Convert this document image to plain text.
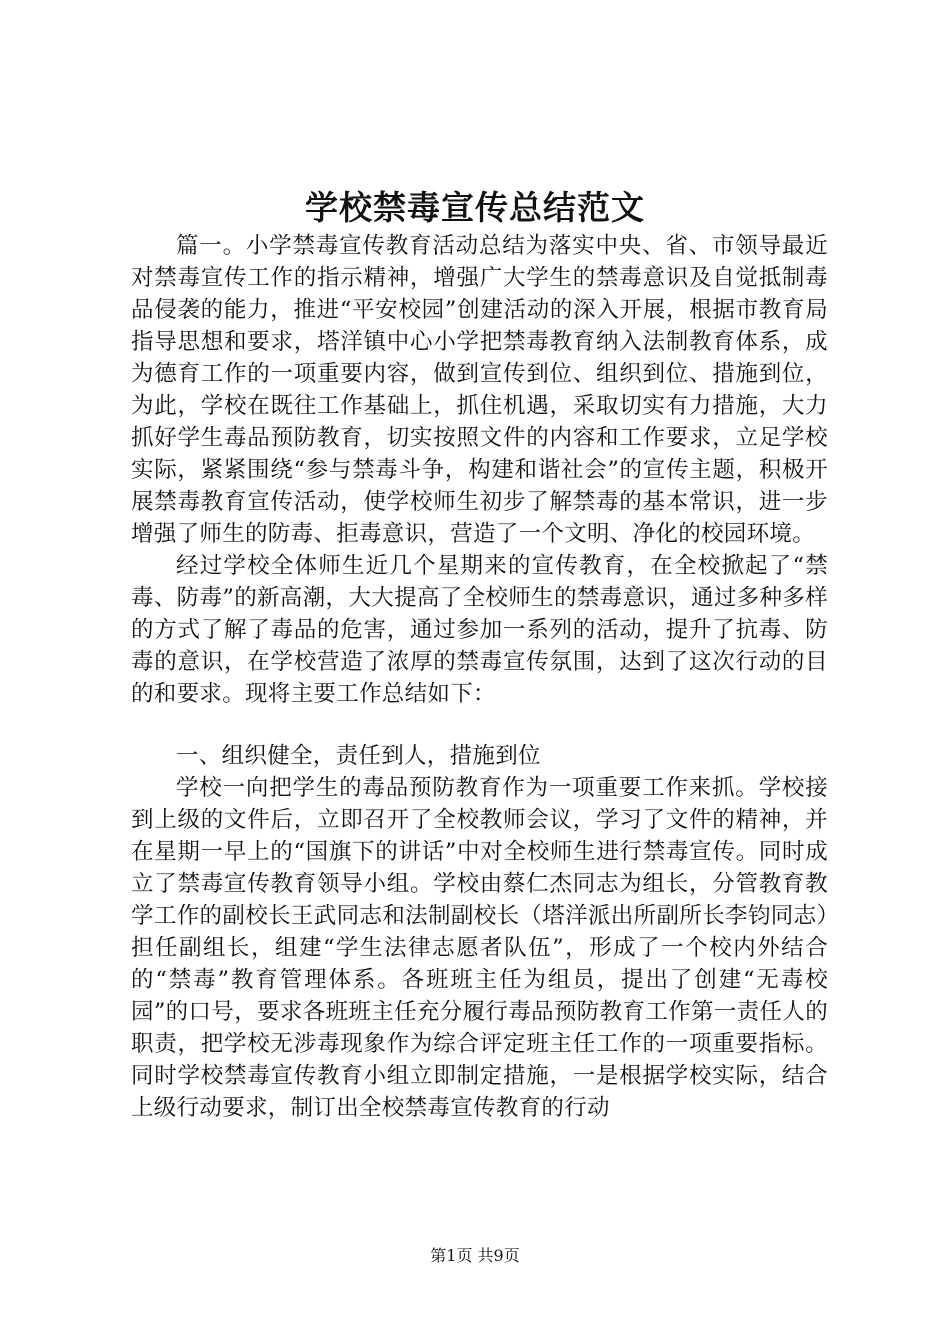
学校禁毒宣传总结范文

篇一。小学禁毒宣传教育活动总结为落实中央、省、市领导最近对禁毒宣传工作的指示精神，增强广大学生的禁毒意识及自觉抵制毒品侵袭的能力，推进“平安校园”创建活动的深入开展，根据市教育局指导思想和要求，塔洋镇中心小学把禁毒教育纳入法制教育体系，成为德育工作的一项重要内容，做到宣传到位、组织到位、措施到位，为此，学校在既往工作基础上，抓住机遇，采取切实有力措施，大力抓好学生毒品预防教育，切实按照文件的内容和工作要求，立足学校实际，紧紧围绕“参与禁毒斗争，构建和谐社会”的宣传主题，积极开展禁毒教育宣传活动，使学校师生初步了解禁毒的基本常识，进一步增强了师生的防毒、拒毒意识，营造了一个文明、净化的校园环境。

经过学校全体师生近几个星期来的宣传教育，在全校掀起了“禁毒、防毒”的新高潮，大大提高了全校师生的禁毒意识，通过多种多样的方式了解了毒品的危害，通过参加一系列的活动，提升了抗毒、防毒的意识，在学校营造了浓厚的禁毒宣传氛围，达到了这次行动的目的和要求。现将主要工作总结如下：

一、组织健全，责任到人，措施到位

学校一向把学生的毒品预防教育作为一项重要工作来抓。学校接到上级的文件后，立即召开了全校教师会议，学习了文件的精神，并在星期一早上的“国旗下的讲话”中对全校师生进行禁毒宣传。同时成立了禁毒宣传教育领导小组。学校由蔡仁杰同志为组长，分管教育教学工作的副校长王武同志和法制副校长（塔洋派出所副所长李钧同志）担任副组长，组建“学生法律志愿者队伍”，形成了一个校内外结合的“禁毒”教育管理体系。各班班主任为组员，提出了创建“无毒校园”的口号，要求各班班主任充分履行毒品预防教育工作第一责任人的职责，把学校无涉毒现象作为综合评定班主任工作的一项重要指标。同时学校禁毒宣传教育小组立即制定措施，一是根据学校实际，结合上级行动要求，制订出全校禁毒宣传教育的行动

第1页 共9页
